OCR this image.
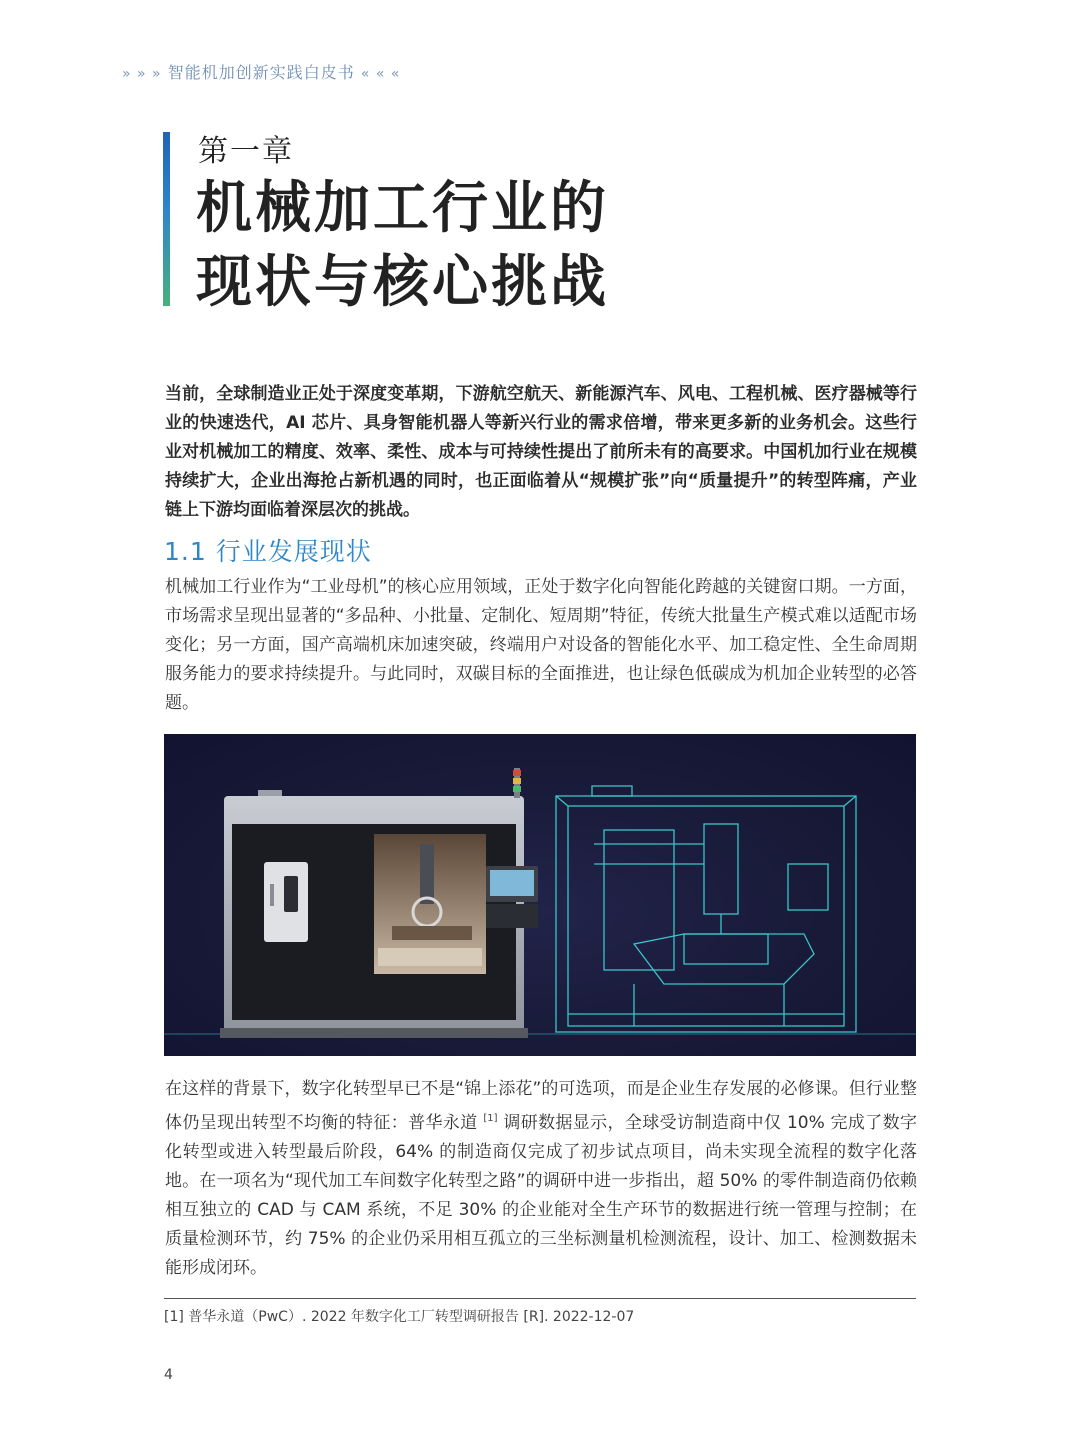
» » » 智能机加创新实践白皮书 « « «
第一章
机械加工行业的
现状与核心挑战
当前，全球制造业正处于深度变革期，下游航空航天、新能源汽车、风电、工程机械、医疗器械等行业的快速迭代，AI 芯片、具身智能机器人等新兴行业的需求倍增，带来更多新的业务机会。这些行业对机械加工的精度、效率、柔性、成本与可持续性提出了前所未有的高要求。中国机加行业在规模持续扩大，企业出海抢占新机遇的同时，也正面临着从“规模扩张”向“质量提升”的转型阵痛，产业链上下游均面临着深层次的挑战。
1.1 行业发展现状
机械加工行业作为“工业母机”的核心应用领域，正处于数字化向智能化跨越的关键窗口期。一方面，市场需求呈现出显著的“多品种、小批量、定制化、短周期”特征，传统大批量生产模式难以适配市场变化；另一方面，国产高端机床加速突破，终端用户对设备的智能化水平、加工稳定性、全生命周期服务能力的要求持续提升。与此同时，双碳目标的全面推进，也让绿色低碳成为机加企业转型的必答题。
在这样的背景下，数字化转型早已不是“锦上添花”的可选项，而是企业生存发展的必修课。但行业整体仍呈现出转型不均衡的特征：普华永道 [1] 调研数据显示，全球受访制造商中仅 10% 完成了数字化转型或进入转型最后阶段，64% 的制造商仅完成了初步试点项目，尚未实现全流程的数字化落地。在一项名为“现代加工车间数字化转型之路”的调研中进一步指出，超 50% 的零件制造商仍依赖相互独立的 CAD 与 CAM 系统，不足 30% 的企业能对全生产环节的数据进行统一管理与控制；在质量检测环节，约 75% 的企业仍采用相互孤立的三坐标测量机检测流程，设计、加工、检测数据未能形成闭环。
[1] 普华永道（PwC）. 2022 年数字化工厂转型调研报告 [R]. 2022-12-07
4
